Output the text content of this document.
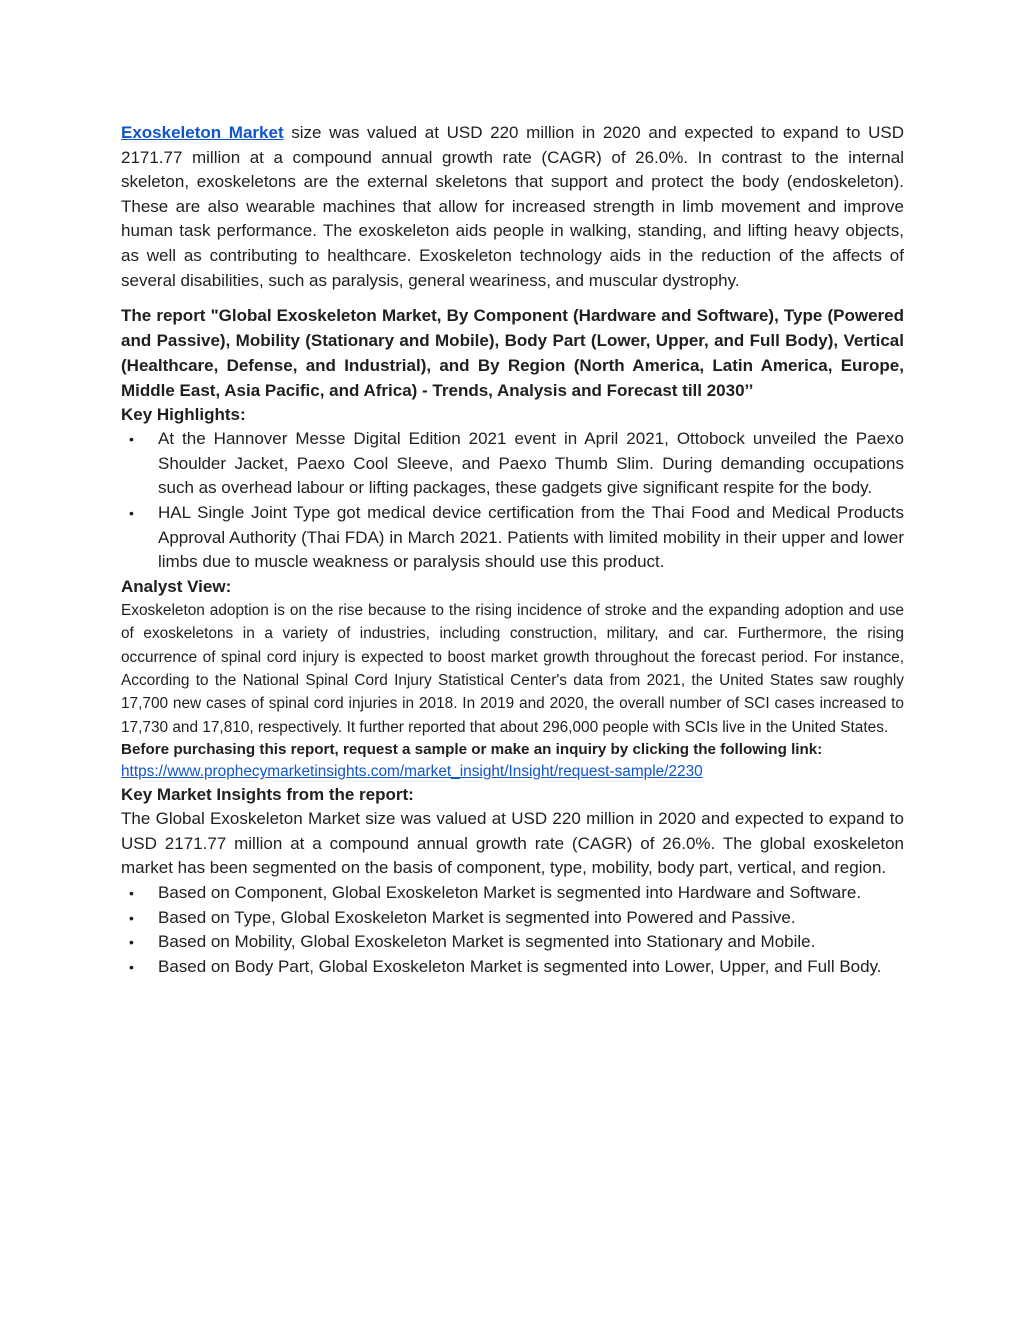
Exoskeleton Market size was valued at USD 220 million in 2020 and expected to expand to USD 2171.77 million at a compound annual growth rate (CAGR) of 26.0%. In contrast to the internal skeleton, exoskeletons are the external skeletons that support and protect the body (endoskeleton). These are also wearable machines that allow for increased strength in limb movement and improve human task performance. The exoskeleton aids people in walking, standing, and lifting heavy objects, as well as contributing to healthcare. Exoskeleton technology aids in the reduction of the affects of several disabilities, such as paralysis, general weariness, and muscular dystrophy.

The report "Global Exoskeleton Market, By Component (Hardware and Software), Type (Powered and Passive), Mobility (Stationary and Mobile), Body Part (Lower, Upper, and Full Body), Vertical (Healthcare, Defense, and Industrial), and By Region (North America, Latin America, Europe, Middle East, Asia Pacific, and Africa) - Trends, Analysis and Forecast till 2030’’

Key Highlights:

• At the Hannover Messe Digital Edition 2021 event in April 2021, Ottobock unveiled the Paexo Shoulder Jacket, Paexo Cool Sleeve, and Paexo Thumb Slim. During demanding occupations such as overhead labour or lifting packages, these gadgets give significant respite for the body.
• HAL Single Joint Type got medical device certification from the Thai Food and Medical Products Approval Authority (Thai FDA) in March 2021. Patients with limited mobility in their upper and lower limbs due to muscle weakness or paralysis should use this product.

Analyst View:

Exoskeleton adoption is on the rise because to the rising incidence of stroke and the expanding adoption and use of exoskeletons in a variety of industries, including construction, military, and car. Furthermore, the rising occurrence of spinal cord injury is expected to boost market growth throughout the forecast period. For instance, According to the National Spinal Cord Injury Statistical Center's data from 2021, the United States saw roughly 17,700 new cases of spinal cord injuries in 2018. In 2019 and 2020, the overall number of SCI cases increased to 17,730 and 17,810, respectively. It further reported that about 296,000 people with SCIs live in the United States.

Before purchasing this report, request a sample or make an inquiry by clicking the following link:

https://www.prophecymarketinsights.com/market_insight/Insight/request-sample/2230

Key Market Insights from the report:

The Global Exoskeleton Market size was valued at USD 220 million in 2020 and expected to expand to USD 2171.77 million at a compound annual growth rate (CAGR) of 26.0%. The global exoskeleton market has been segmented on the basis of component, type, mobility, body part, vertical, and region.

• Based on Component, Global Exoskeleton Market is segmented into Hardware and Software.
• Based on Type, Global Exoskeleton Market is segmented into Powered and Passive.
• Based on Mobility, Global Exoskeleton Market is segmented into Stationary and Mobile.
• Based on Body Part, Global Exoskeleton Market is segmented into Lower, Upper, and Full Body.
